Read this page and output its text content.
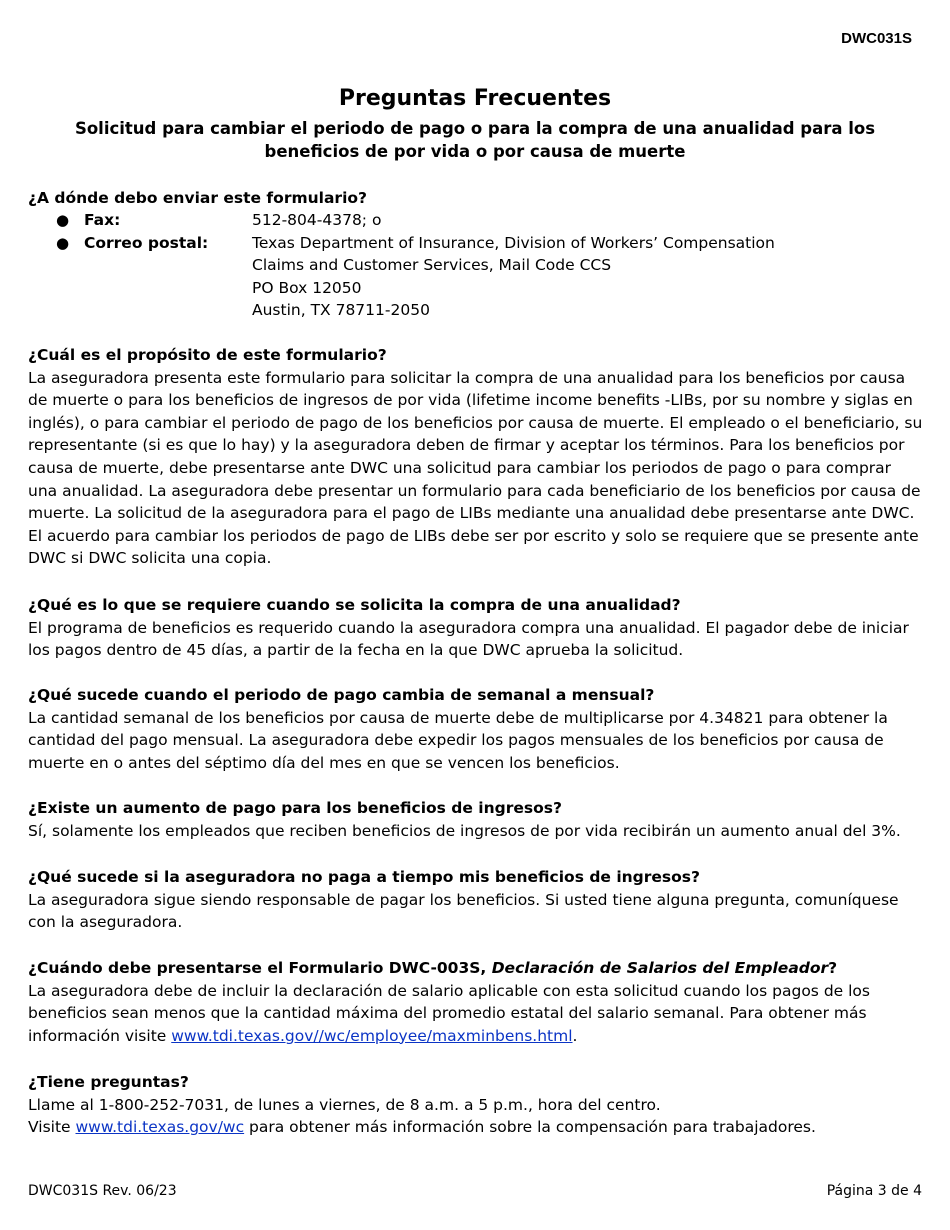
DWC031S
Preguntas Frecuentes
Solicitud para cambiar el periodo de pago o para la compra de una anualidad para los beneficios de por vida o por causa de muerte
¿A dónde debo enviar este formulario?
● Fax:	512-804-4378; o
● Correo postal:	Texas Department of Insurance, Division of Workers’ Compensation
Claims and Customer Services, Mail Code CCS
PO Box 12050
Austin, TX 78711-2050
¿Cuál es el propósito de este formulario?

La aseguradora presenta este formulario para solicitar la compra de una anualidad para los beneficios por causa de muerte o para los beneficios de ingresos de por vida (lifetime income benefits -LIBs, por su nombre y siglas en inglés), o para cambiar el periodo de pago de los beneficios por causa de muerte. El empleado o el beneficiario, su representante (si es que lo hay) y la aseguradora deben de firmar y aceptar los términos. Para los beneficios por causa de muerte, debe presentarse ante DWC una solicitud para cambiar los periodos de pago o para comprar una anualidad. La aseguradora debe presentar un formulario para cada beneficiario de los beneficios por causa de muerte. La solicitud de la aseguradora para el pago de LIBs mediante una anualidad debe presentarse ante DWC. El acuerdo para cambiar los periodos de pago de LIBs debe ser por escrito y solo se requiere que se presente ante DWC si DWC solicita una copia.

¿Qué es lo que se requiere cuando se solicita la compra de una anualidad?

El programa de beneficios es requerido cuando la aseguradora compra una anualidad. El pagador debe de iniciar los pagos dentro de 45 días, a partir de la fecha en la que DWC aprueba la solicitud.

¿Qué sucede cuando el periodo de pago cambia de semanal a mensual?

La cantidad semanal de los beneficios por causa de muerte debe de multiplicarse por 4.34821 para obtener la cantidad del pago mensual. La aseguradora debe expedir los pagos mensuales de los beneficios por causa de muerte en o antes del séptimo día del mes en que se vencen los beneficios.

¿Existe un aumento de pago para los beneficios de ingresos?

Sí, solamente los empleados que reciben beneficios de ingresos de por vida recibirán un aumento anual del 3%.

¿Qué sucede si la aseguradora no paga a tiempo mis beneficios de ingresos?

La aseguradora sigue siendo responsable de pagar los beneficios. Si usted tiene alguna pregunta, comuníquese con la aseguradora.

¿Cuándo debe presentarse el Formulario DWC-003S, Declaración de Salarios del Empleador?

La aseguradora debe de incluir la declaración de salario aplicable con esta solicitud cuando los pagos de los beneficios sean menos que la cantidad máxima del promedio estatal del salario semanal. Para obtener más información visite www.tdi.texas.gov//wc/employee/maxminbens.html.

¿Tiene preguntas?
Llame al 1-800-252-7031, de lunes a viernes, de 8 a.m. a 5 p.m., hora del centro.
Visite www.tdi.texas.gov/wc para obtener más información sobre la compensación para trabajadores.
DWC031S Rev. 06/23	Página 3 de 4
